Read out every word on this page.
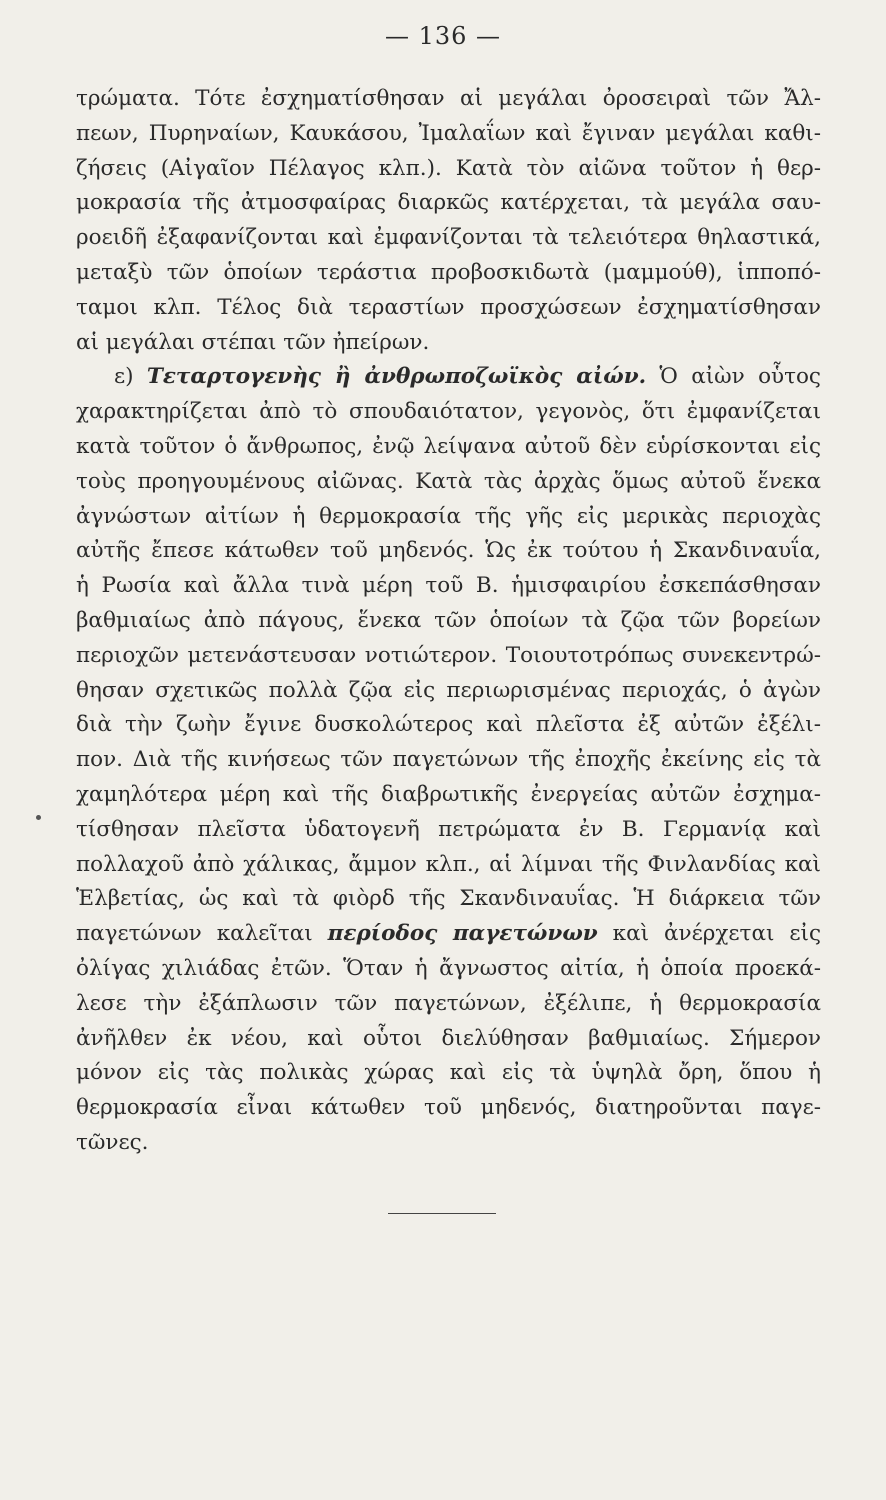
— 136 —
τρώματα. Τότε ἐσχηματίσθησαν αἱ μεγάλαι ὀροσειραὶ τῶν Ἄλ-
πεων, Πυρηναίων, Καυκάσου, Ἰμαλαΐων καὶ ἔγιναν μεγάλαι καθι-
ζήσεις (Αἰγαῖον Πέλαγος κλπ.). Κατὰ τὸν αἰῶνα τοῦτον ἡ θερ-
μοκρασία τῆς ἀτμοσφαίρας διαρκῶς κατέρχεται, τὰ μεγάλα σαυ-
ροειδῆ ἐξαφανίζονται καὶ ἐμφανίζονται τὰ τελειότερα θηλαστικά,
μεταξὺ τῶν ὁποίων τεράστια προβοσκιδωτὰ (μαμμούθ), ἱπποπό-
ταμοι κλπ. Τέλος διὰ τεραστίων προσχώσεων ἐσχηματίσθησαν
αἱ μεγάλαι στέπαι τῶν ἠπείρων.
ε) Τεταρτογενὴς ἢ ἀνθρωποζωϊκὸς αἰών. Ὁ αἰὼν οὗτος
χαρακτηρίζεται ἀπὸ τὸ σπουδαιότατον, γεγονὸς, ὅτι ἐμφανίζεται
κατὰ τοῦτον ὁ ἄνθρωπος, ἐνῷ λείψανα αὐτοῦ δὲν εὑρίσκονται εἰς
τοὺς προηγουμένους αἰῶνας. Κατὰ τὰς ἀρχὰς ὅμως αὐτοῦ ἕνεκα
ἀγνώστων αἰτίων ἡ θερμοκρασία τῆς γῆς εἰς μερικὰς περιοχὰς
αὐτῆς ἔπεσε κάτωθεν τοῦ μηδενός. Ὡς ἐκ τούτου ἡ Σκανδιναυΐα,
ἡ Ρωσία καὶ ἄλλα τινὰ μέρη τοῦ Β. ἡμισφαιρίου ἐσκεπάσθησαν
βαθμιαίως ἀπὸ πάγους, ἕνεκα τῶν ὁποίων τὰ ζῷα τῶν βορείων
περιοχῶν μετενάστευσαν νοτιώτερον. Τοιουτοτρόπως συνεκεντρώ-
θησαν σχετικῶς πολλὰ ζῷα εἰς περιωρισμένας περιοχάς, ὁ ἀγὼν
διὰ τὴν ζωὴν ἔγινε δυσκολώτερος καὶ πλεῖστα ἐξ αὐτῶν ἐξέλι-
πον. Διὰ τῆς κινήσεως τῶν παγετώνων τῆς ἐποχῆς ἐκείνης εἰς τὰ
χαμηλότερα μέρη καὶ τῆς διαβρωτικῆς ἐνεργείας αὐτῶν ἐσχημα-
τίσθησαν πλεῖστα ὑδατογενῆ πετρώματα ἐν Β. Γερμανίᾳ καὶ
πολλαχοῦ ἀπὸ χάλικας, ἄμμον κλπ., αἱ λίμναι τῆς Φινλανδίας καὶ
Ἑλβετίας, ὡς καὶ τὰ φιὸρδ τῆς Σκανδιναυΐας. Ἡ διάρκεια τῶν
παγετώνων καλεῖται περίοδος παγετώνων καὶ ἀνέρχεται εἰς
ὀλίγας χιλιάδας ἐτῶν. Ὅταν ἡ ἄγνωστος αἰτία, ἡ ὁποία προεκά-
λεσε τὴν ἐξάπλωσιν τῶν παγετώνων, ἐξέλιπε, ἡ θερμοκρασία
ἀνῆλθεν ἐκ νέου, καὶ οὗτοι διελύθησαν βαθμιαίως. Σήμερον
μόνον εἰς τὰς πολικὰς χώρας καὶ εἰς τὰ ὑψηλὰ ὄρη, ὅπου ἡ
θερμοκρασία εἶναι κάτωθεν τοῦ μηδενός, διατηροῦνται παγε-
τῶνες.
